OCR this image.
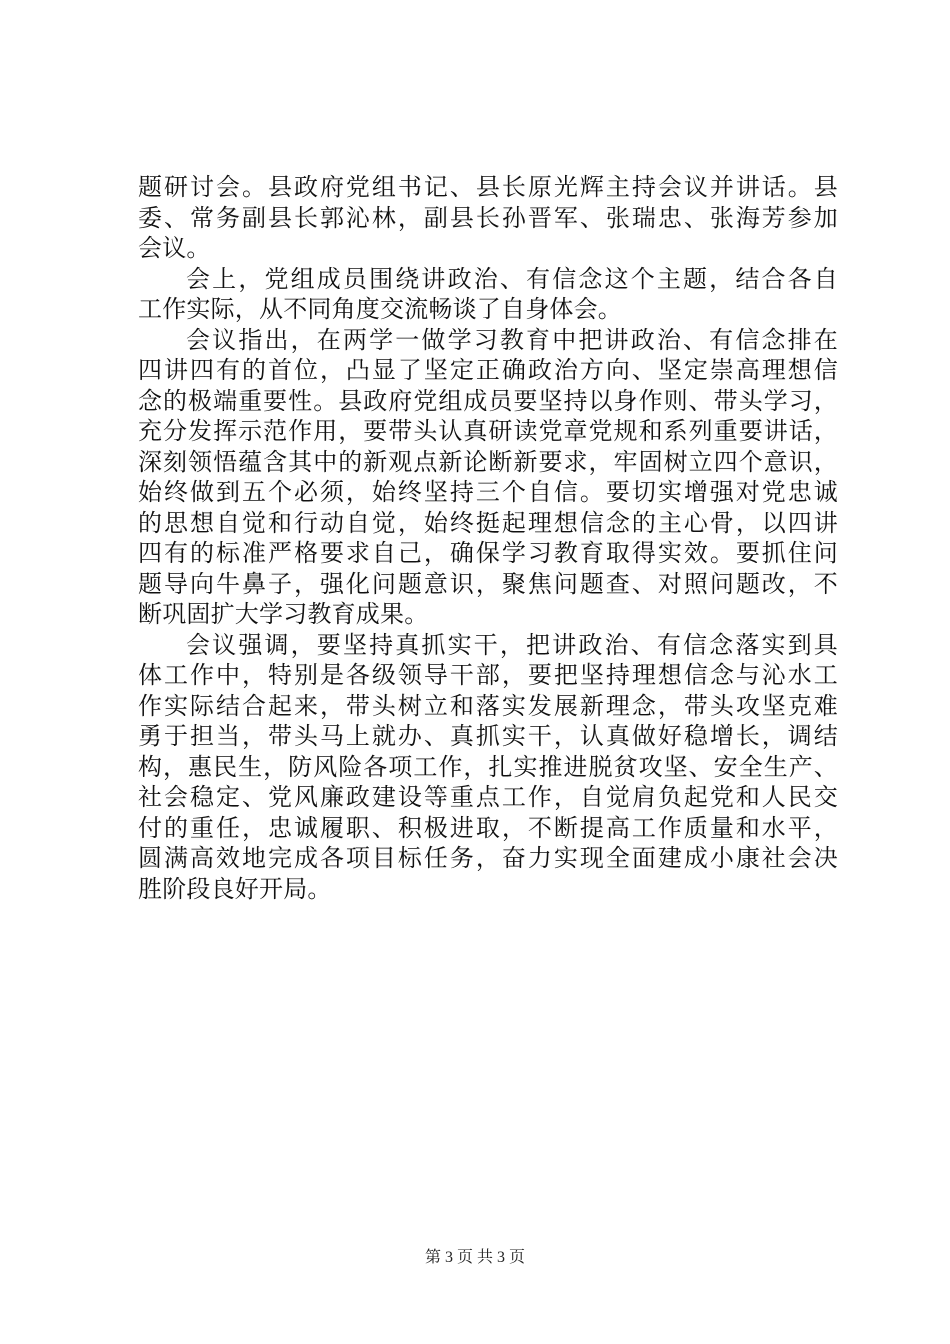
题研讨会。县政府党组书记、县长原光辉主持会议并讲话。县
委、常务副县长郭沁林，副县长孙晋军、张瑞忠、张海芳参加
会议。
会上，党组成员围绕讲政治、有信念这个主题，结合各自
工作实际，从不同角度交流畅谈了自身体会。
会议指出，在两学一做学习教育中把讲政治、有信念排在
四讲四有的首位，凸显了坚定正确政治方向、坚定崇高理想信
念的极端重要性。县政府党组成员要坚持以身作则、带头学习，
充分发挥示范作用，要带头认真研读党章党规和系列重要讲话，
深刻领悟蕴含其中的新观点新论断新要求，牢固树立四个意识，
始终做到五个必须，始终坚持三个自信。要切实增强对党忠诚
的思想自觉和行动自觉，始终挺起理想信念的主心骨，以四讲
四有的标准严格要求自己，确保学习教育取得实效。要抓住问
题导向牛鼻子，强化问题意识，聚焦问题查、对照问题改，不
断巩固扩大学习教育成果。
会议强调，要坚持真抓实干，把讲政治、有信念落实到具
体工作中，特别是各级领导干部，要把坚持理想信念与沁水工
作实际结合起来，带头树立和落实发展新理念，带头攻坚克难
勇于担当，带头马上就办、真抓实干，认真做好稳增长，调结
构，惠民生，防风险各项工作，扎实推进脱贫攻坚、安全生产、
社会稳定、党风廉政建设等重点工作，自觉肩负起党和人民交
付的重任，忠诚履职、积极进取，不断提高工作质量和水平，
圆满高效地完成各项目标任务，奋力实现全面建成小康社会决
胜阶段良好开局。
第 3 页 共 3 页
